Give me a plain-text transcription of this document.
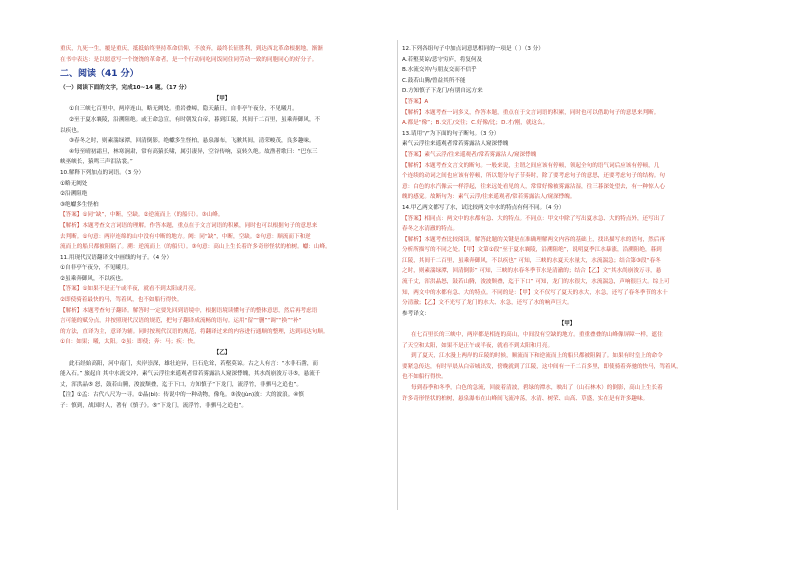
重庆，九死一生，覆是重庆，抵抵始终坚持革命信仰，不放弃，最终长征胜利，到达西北革命根据地，渐渐
在书中表达：是以愿意写一个饶饶的革命者，是一个行动同吃同饭同住同劳动一致的同胞同心的好分子。
二、阅读（41 分）
（一）阅读下面的文字，完成10~14 题。（17 分）
【甲】
①自三峡七百里中，两岸连山，略无阙处。重岩叠嶂，隐天蔽日，自非亭午夜分，不见曦月。
②至于夏水襄陵，沿溯阻绝。或王命急宣，有时朝发白帝，暮到江陵，其间千二百里，虽乘奔御风，不
以疾也。
③春冬之时，则素湍绿潭，回清倒影。绝巘多生怪柏，悬泉瀑布，飞漱其间，清荣峻茂，良多趣味。
④每至晴初霜旦，林寒涧肃，常有高猿长啸，属引凄异，空谷传响，哀转久绝。故渔者歌曰：“巴东三
峡巫峡长，猿鸣三声泪沾裳。”
10.解释下列加点的词语。（3 分）
①略无阙处
②沿溯阻绝
③绝巘多生怪柏
【答案】①同“缺”，中断，空缺。②逆流而上（的船只）。③山峰。
【解析】本题考查文言词语的理解。作答本题，重点在于文言词语的积累，同时也可以根据句子的意思来
去判断。①句意：两岸连绵的山中没有中断的地方。阙：同“缺”，中断，空缺。②句意：顺流而下和逆
流而上的船只都被阻隔了。溯：逆流而上（的船只）。③句意：高山上生长着许多奇形怪状的柏树。巘：山峰。
11.用现代汉语翻译文中画线的句子。（4 分）
①自非亭午夜分，不见曦月。
②虽乘奔御风，不以疾也。
【答案】①如果不是正午或半夜，就看不到太阳或月亮。
②即使骑着最快的马，驾着风，也不如船行得快。
【解析】本题考查句子翻译。解答时一定要先回到语境中，根据语境读懂句子的整体意思，然后再考虑语
言可能的赋分点，并按照现代汉语的规范，把句子翻译成流畅的语句。运用“留”“删”“调”“换”“补”
的方法，直译为主，意译为辅。同时按现代汉语的规范，将翻译过来的内容进行通顺的整理，达到词达句顺。
①自：如果；曦，太阳。②虽：即使；奔：马；疾：快。
【乙】
此石经始高阳，河中南门，夹岸崇深，雄壮迫异，巨石危耸，若壑莫谅。古之人有言：“水非石凿，而
能入石。” 旅起自 其中水流交冲，素气云浮往来遥观者常若雾露沾人窥深悸魄，其水尚崩浚万寻⑤，悬流千
丈，浑洪晶⑤ 怒，鼓若山腾，浚波颓叠，迄于下口，方知慎子“下龙门，流浮竹，非驷马之追也”。
【注】①孟：古代八尺为一寻。②晶(bì)：传说中的一种动物，像龟。③浚(jùn)波：大的波浪。④慎
子：慎到，战国时人，著有《慎子》。⑤“下龙门，流浮竹，非驷马之追也”。
12.下列各组句子中加点词意思相同的一项是（ ）（3 分）
A.若壑莫谅/悲守穷庐，将复何及
B.水流交冲/与朋友交而不信乎
C.鼓若山腾/曾益其所不能
D.方知慎子下龙门/有朋自远方来
【答案】A
【解析】本题考查一词多义，作答本题，重点在于文言词语的积累，同时也可以借助句子的意思来判断。
A.都是“像”；B.交汇/交往；C.好像/比；D.才/刚，就这么。
13.请用“/”为下面的句子断句。（3 分）
素气云浮往来遥观者常若雾露沾人窥深悸魄
【答案】素气云浮/往来遥观者/常若雾露沾人/窥深悸魄
【解析】本题考查文言文的断句。一般来说，主谓之间应该有停顿，领起全句的语气词后应该有停顿，几
个连续的动词之间也应该有停顿，所以划分句子节奏时，除了要考虑句子的意思，还要考虑句子的结构。句
意：白色的水汽像云一样浮起，往来远处看见的人，常常好像被雾露沾湿，往三暮深处望去，有一种惊人心
魄的感觉。故断句为：素气云浮/往来遥观者/常若雾露沾人/窥深悸魄。
14.甲乙两文都写了水，试比较两文中水的特点有何不同。（4 分）
【答案】相同点：两文中的水都有急、大的特点。不同点：甲文中除了写出夏水急、大的特点外，还写出了
春冬之水清澈的特点。
【解析】本题考查比较阅读。解答此题的关键是在准确理解两文内容的基础上，找出描写水的语句，然后再
分析所描写的不同之处。【甲】文第①段“至于夏水襄陵，沿溯阻绝”，说明夏季江水暴涨，沿溯阻绝，暮到
江陵，其间千二百里，虽乘奔御风，不以疾也” 可知，三峡的水夏天水量大，水流湍急；结合第③段“春冬
之时，则素湍绿潭，回清倒影” 可知，三峡的水春冬季节水是清澈的；结合【乙】文“其水尚崩浚万寻，悬
流千丈，浑洪晶怒，鼓若山腾，浚波颓叠，迄于下口” 可知，龙门的水很大，水流湍急，声响很巨大。综上可
知，两文中的水都有急、大的特点。不同的是：【甲】文不仅写了夏天的水大，水急，还写了春冬季节的水十
分清澈；【乙】文不光写了龙门的水大、水急，还写了水的响声巨大。
参考译文：
【甲】
在七百里长的三峡中，两岸都是相连的高山，中间没有空缺的地方。重重叠叠的山峰像屏障一样，遮住
了天空和太阳，如果不是正午或半夜，就看不到太阳和月亮。
到了夏天，江水漫上两岸的丘陵的时候，顺流而下和逆流而上的船只都被阻隔了。如果有时皇上的命令
要紧急传达，有时早晨从白帝城出发，傍晚就到了江陵，这中间有一千二百多里，即使骑着奔驰的快马，驾着风，
也不如船行得快。
每到春季和冬季，白色的急流，回旋着清波，碧绿的潭水，映出了（山石林木）的倒影，高山上生长着
许多奇形怪状的柏树，悬泉瀑布在山峰间飞流冲荡，水清、树荣、山高、草盛，实在是有许多趣味。
